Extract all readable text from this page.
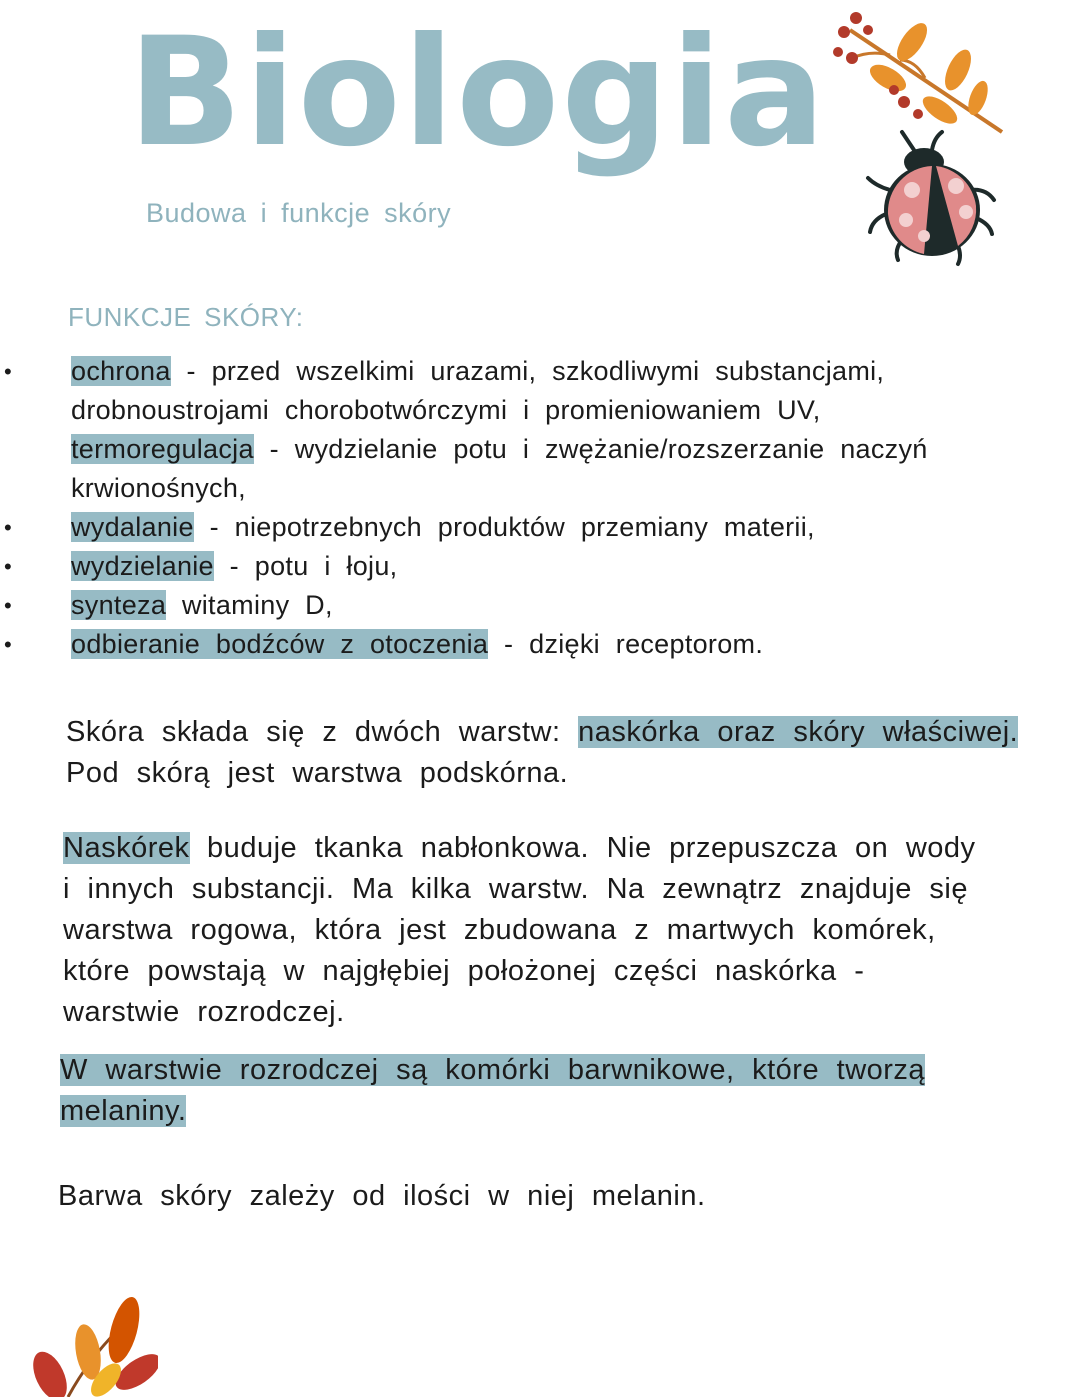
Biologia
Budowa i funkcje skóry
FUNKCJE SKÓRY:
• ochrona - przed wszelkimi urazami, szkodliwymi substancjami,
drobnoustrojami chorobotwórczymi i promieniowaniem UV,
termoregulacja - wydzielanie potu i zwężanie/rozszerzanie naczyń
krwionośnych,
• wydalanie - niepotrzebnych produktów przemiany materii,
• wydzielanie - potu i łoju,
• synteza witaminy D,
• odbieranie bodźców z otoczenia - dzięki receptorom.
Skóra składa się z dwóch warstw: naskórka oraz skóry właściwej.
Pod skórą jest warstwa podskórna.
Naskórek buduje tkanka nabłonkowa. Nie przepuszcza on wody
i innych substancji. Ma kilka warstw. Na zewnątrz znajduje się
warstwa rogowa, która jest zbudowana z martwych komórek,
które powstają w najgłębiej położonej części naskórka -
warstwie rozrodczej.
W warstwie rozrodczej są komórki barwnikowe, które tworzą
melaniny.
Barwa skóry zależy od ilości w niej melanin.
